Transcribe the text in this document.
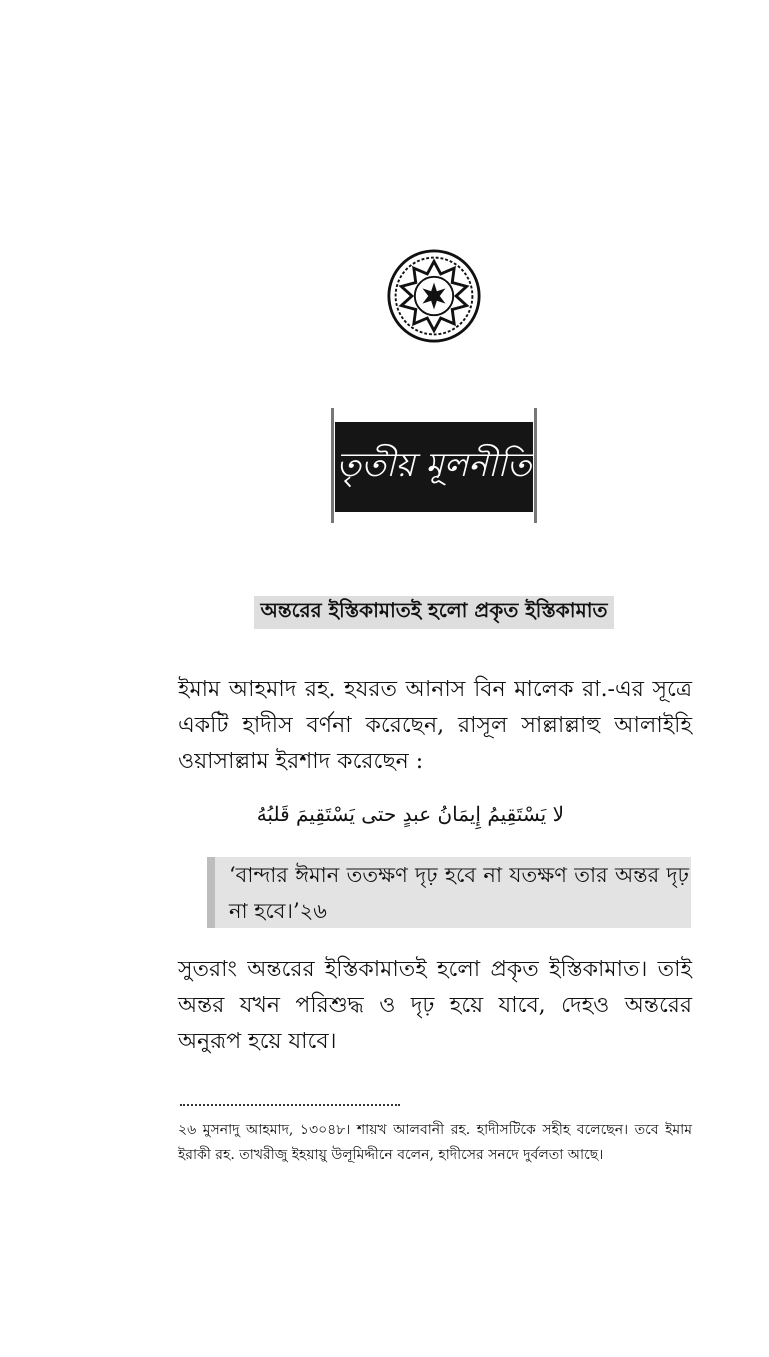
তৃতীয় মূলনীতি
অন্তরের ইস্তিকামাতই হলো প্রকৃত ইস্তিকামাত

ইমাম আহমাদ রহ. হযরত আনাস বিন মালেক রা.-এর সূত্রে একটি হাদীস বর্ণনা করেছেন, রাসূল সাল্লাল্লাহু আলাইহি ওয়াসাল্লাম ইরশাদ করেছেন :

لا يَسْتَقِيمُ إِيمَانُ عبدٍ حتى يَسْتَقِيمَ قَلبُهُ
‘বান্দার ঈমান ততক্ষণ দৃঢ় হবে না যতক্ষণ তার অন্তর দৃঢ় না হবে।’২৬

সুতরাং অন্তরের ইস্তিকামাতই হলো প্রকৃত ইস্তিকামাত। তাই অন্তর যখন পরিশুদ্ধ ও দৃঢ় হয়ে যাবে, দেহও অন্তরের অনুরূপ হয়ে যাবে।

২৬ মুসনাদু আহমাদ, ১৩০৪৮। শায়খ আলবানী রহ. হাদীসটিকে সহীহ বলেছেন। তবে ইমাম ইরাকী রহ. তাখরীজু ইহয়ায়ু উলূমিদ্দীনে বলেন, হাদীসের সনদে দুর্বলতা আছে।
